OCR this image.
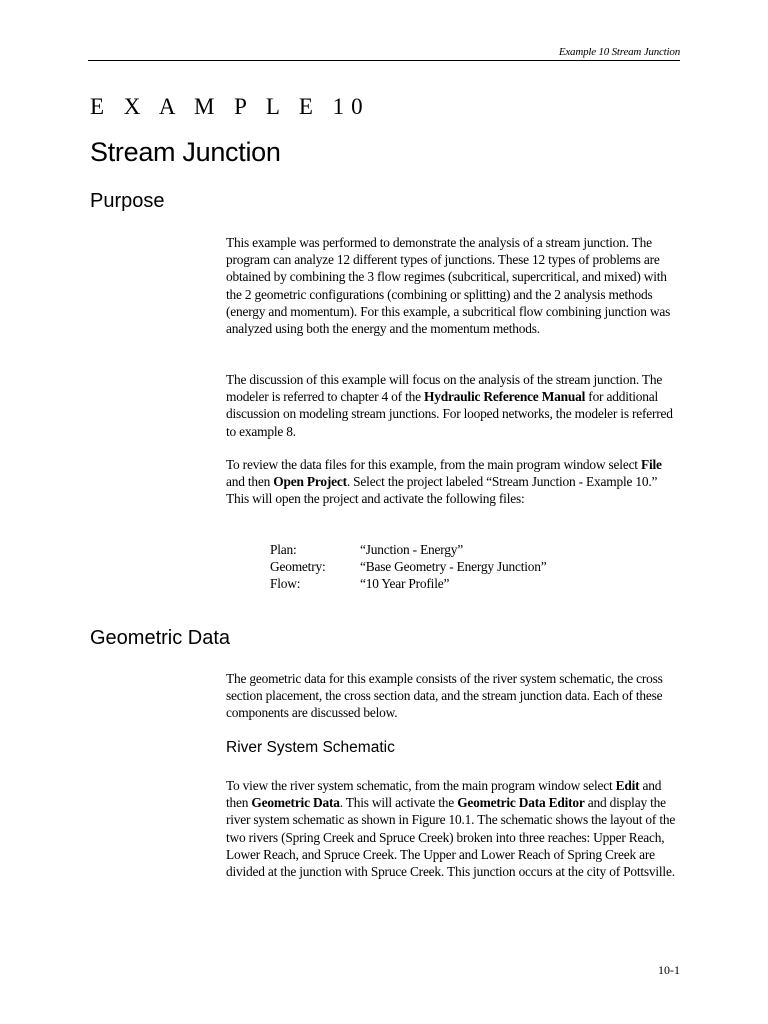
Example 10 Stream Junction
E X A M P L E 10
Stream Junction
Purpose

This example was performed to demonstrate the analysis of a stream junction. The program can analyze 12 different types of junctions. These 12 types of problems are obtained by combining the 3 flow regimes (subcritical, supercritical, and mixed) with the 2 geometric configurations (combining or splitting) and the 2 analysis methods (energy and momentum). For this example, a subcritical flow combining junction was analyzed using both the energy and the momentum methods.

The discussion of this example will focus on the analysis of the stream junction. The modeler is referred to chapter 4 of the Hydraulic Reference Manual for additional discussion on modeling stream junctions. For looped networks, the modeler is referred to example 8.

To review the data files for this example, from the main program window select File and then Open Project. Select the project labeled “Stream Junction - Example 10.” This will open the project and activate the following files:

Plan:	“Junction - Energy”
Geometry:	“Base Geometry - Energy Junction”
Flow:	“10 Year Profile”
Geometric Data

The geometric data for this example consists of the river system schematic, the cross section placement, the cross section data, and the stream junction data. Each of these components are discussed below.

River System Schematic

To view the river system schematic, from the main program window select Edit and then Geometric Data. This will activate the Geometric Data Editor and display the river system schematic as shown in Figure 10.1. The schematic shows the layout of the two rivers (Spring Creek and Spruce Creek) broken into three reaches: Upper Reach, Lower Reach, and Spruce Creek. The Upper and Lower Reach of Spring Creek are divided at the junction with Spruce Creek. This junction occurs at the city of Pottsville.

10-1
